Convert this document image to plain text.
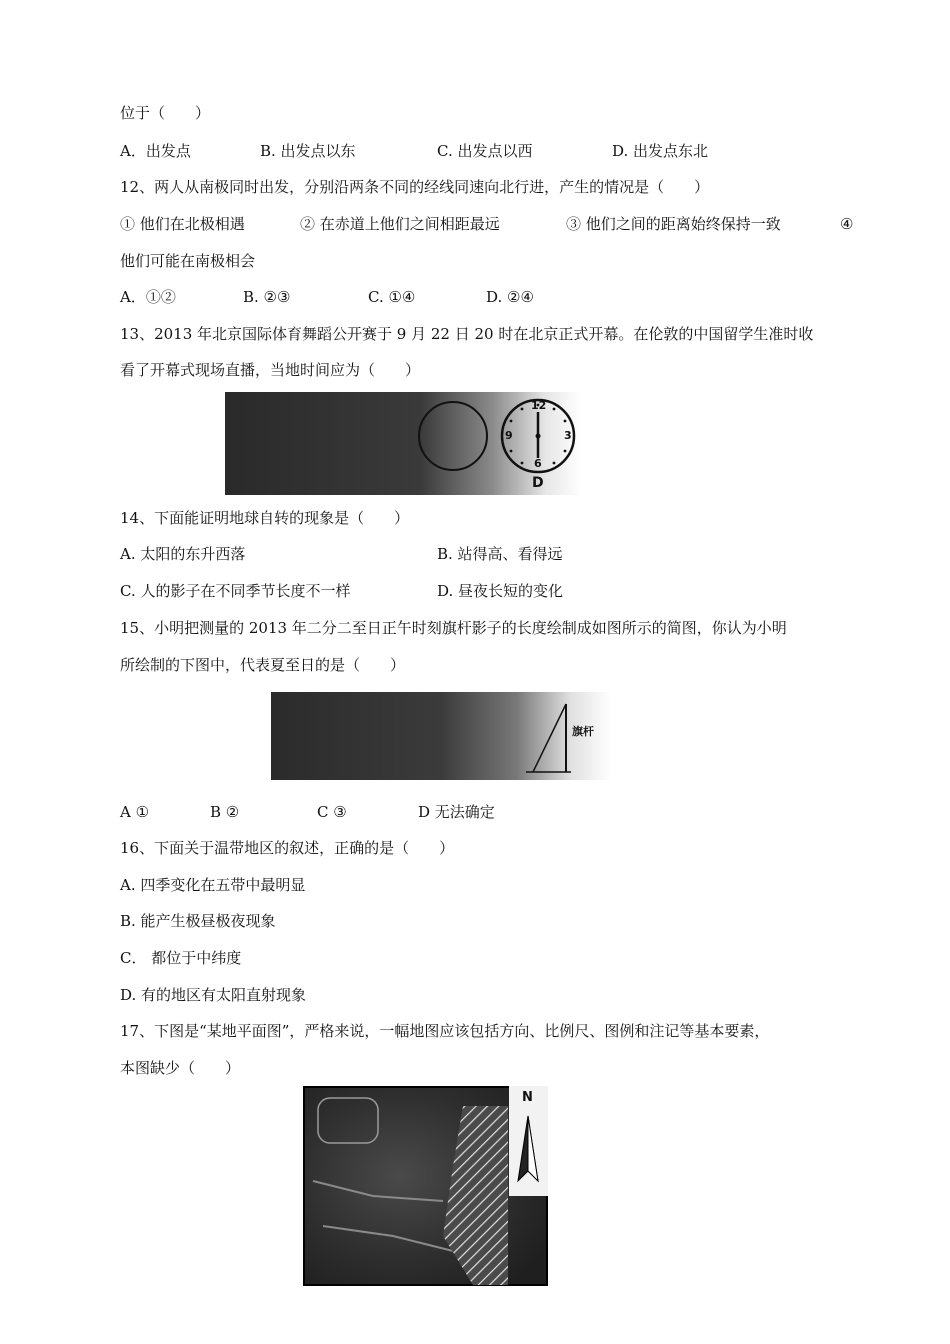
位于（　　）
A．出发点	B. 出发点以东	C. 出发点以西	D. 出发点东北
12、两人从南极同时出发，分别沿两条不同的经线同速向北行进，产生的情况是（　　）
① 他们在北极相遇	② 在赤道上他们之间相距最远	③ 他们之间的距离始终保持一致	④
他们可能在南极相会
A．①②	B. ②③	C. ①④	D. ②④
13、2013 年北京国际体育舞蹈公开赛于 9 月 22 日 20 时在北京正式开幕。在伦敦的中国留学生准时收
看了开幕式现场直播，当地时间应为（　　）
12
3
6
9
D
14、下面能证明地球自转的现象是（　　）
A. 太阳的东升西落	B. 站得高、看得远
C. 人的影子在不同季节长度不一样	D. 昼夜长短的变化
15、小明把测量的 2013 年二分二至日正午时刻旗杆影子的长度绘制成如图所示的简图，你认为小明
所绘制的下图中，代表夏至日的是（　　）
旗杆
A ①	B ②	C ③	D 无法确定
16、下面关于温带地区的叙述，正确的是（　　）
A. 四季变化在五带中最明显
B. 能产生极昼极夜现象
C． 都位于中纬度
D. 有的地区有太阳直射现象
17、下图是“某地平面图”，严格来说，一幅地图应该包括方向、比例尺、图例和注记等基本要素，
本图缺少（　　）
N
